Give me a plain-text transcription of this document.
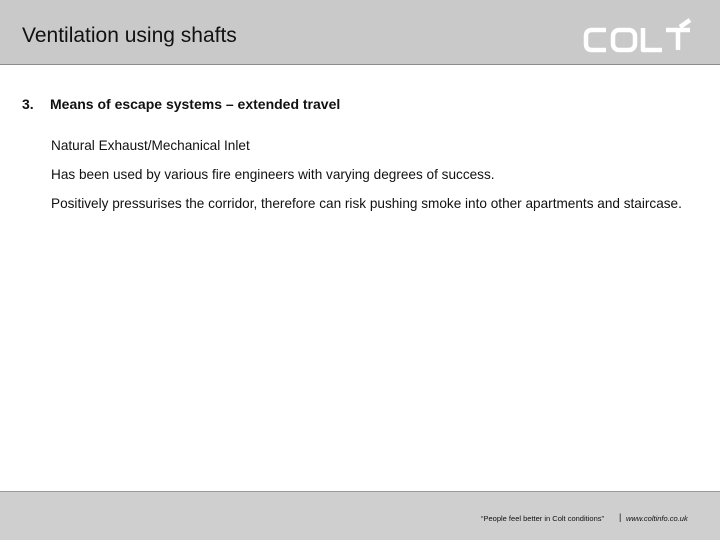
Ventilation using shafts
3. Means of escape systems – extended travel
Natural Exhaust/Mechanical Inlet
Has been used by various fire engineers with varying degrees of success.
Positively pressurises the corridor, therefore can risk pushing smoke into other apartments and staircase.
“People feel better in Colt conditions” | www.coltinfo.co.uk
